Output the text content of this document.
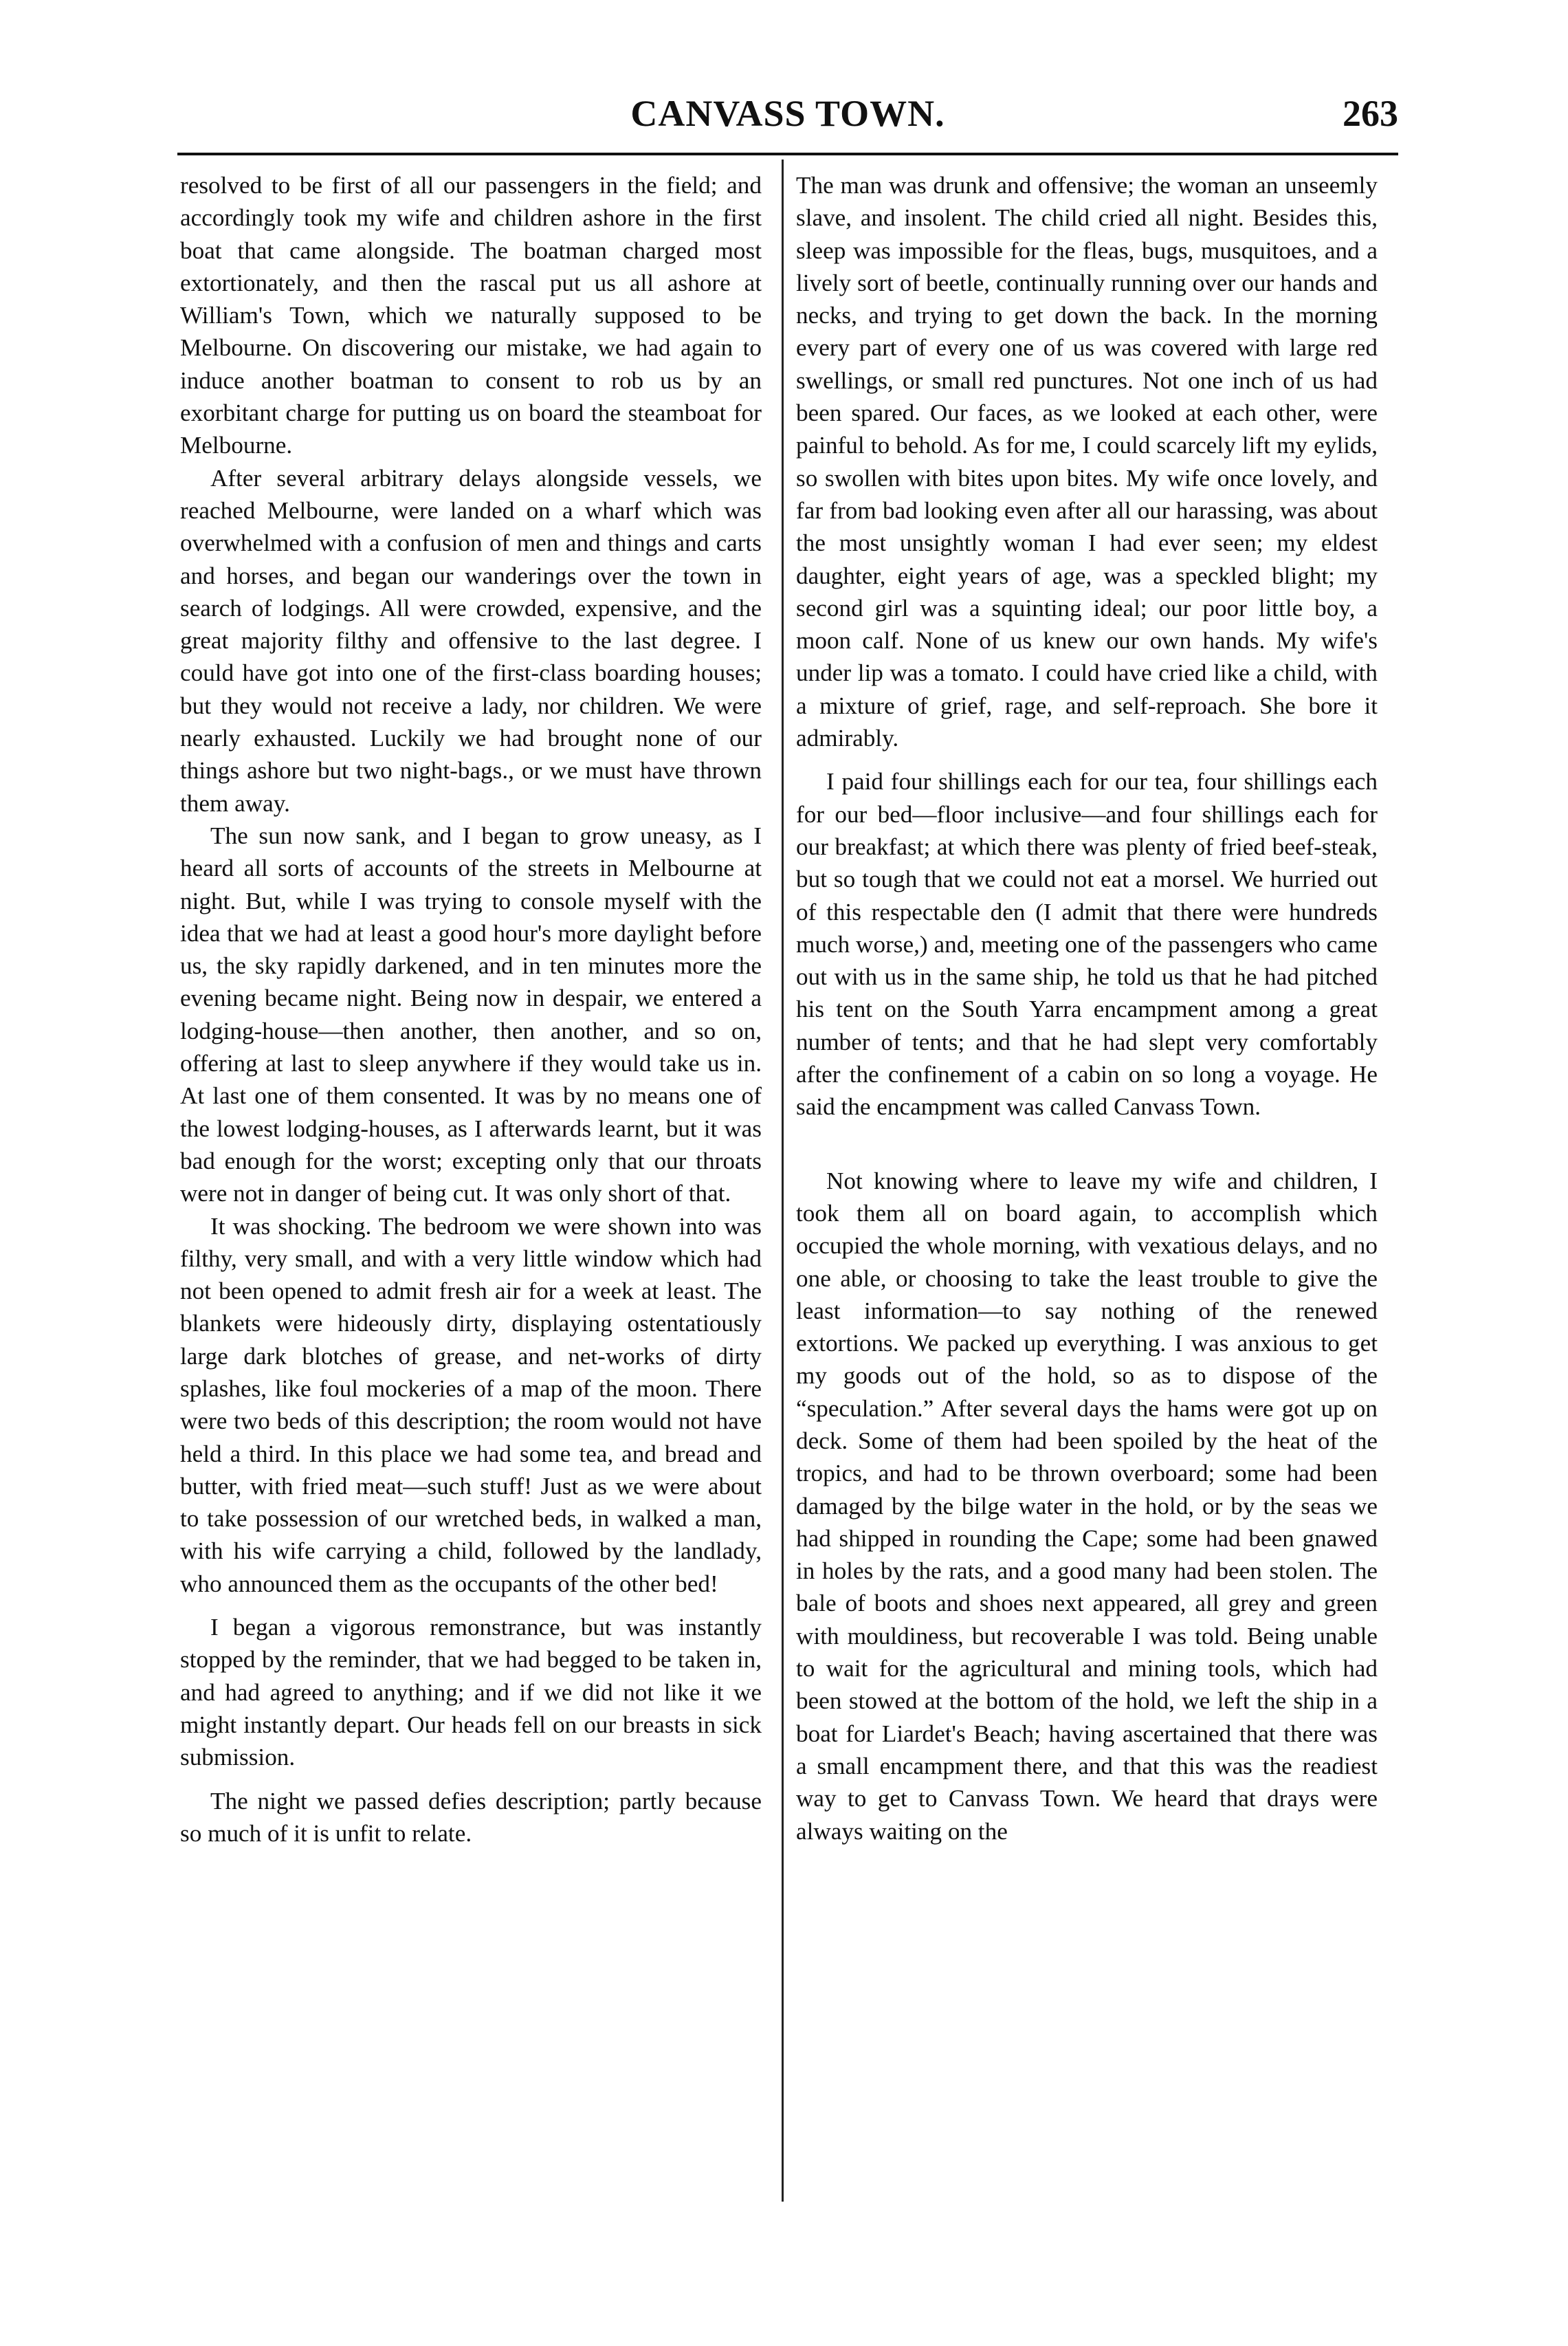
CANVASS TOWN.	263

resolved to be first of all our passengers in the field; and accordingly took my wife and children ashore in the first boat that came alongside. The boatman charged most extortionately, and then the rascal put us all ashore at William's Town, which we naturally supposed to be Melbourne. On discovering our mistake, we had again to induce another boatman to consent to rob us by an exorbitant charge for putting us on board the steamboat for Melbourne.

After several arbitrary delays alongside vessels, we reached Melbourne, were landed on a wharf which was overwhelmed with a confusion of men and things and carts and horses, and began our wanderings over the town in search of lodgings. All were crowded, expensive, and the great majority filthy and offensive to the last degree. I could have got into one of the first-class boarding houses; but they would not receive a lady, nor children. We were nearly exhausted. Luckily we had brought none of our things ashore but two night-bags., or we must have thrown them away.

The sun now sank, and I began to grow uneasy, as I heard all sorts of accounts of the streets in Melbourne at night. But, while I was trying to console myself with the idea that we had at least a good hour's more daylight before us, the sky rapidly darkened, and in ten minutes more the evening became night. Being now in despair, we entered a lodging-house—then another, then another, and so on, offering at last to sleep anywhere if they would take us in. At last one of them consented. It was by no means one of the lowest lodging-houses, as I afterwards learnt, but it was bad enough for the worst; excepting only that our throats were not in danger of being cut. It was only short of that.

It was shocking. The bedroom we were shown into was filthy, very small, and with a very little window which had not been opened to admit fresh air for a week at least. The blankets were hideously dirty, displaying ostentatiously large dark blotches of grease, and net-works of dirty splashes, like foul mockeries of a map of the moon. There were two beds of this description; the room would not have held a third. In this place we had some tea, and bread and butter, with fried meat—such stuff! Just as we were about to take possession of our wretched beds, in walked a man, with his wife carrying a child, followed by the landlady, who announced them as the occupants of the other bed!

I began a vigorous remonstrance, but was instantly stopped by the reminder, that we had begged to be taken in, and had agreed to anything; and if we did not like it we might instantly depart. Our heads fell on our breasts in sick submission.

The night we passed defies description; partly because so much of it is unfit to relate.

The man was drunk and offensive; the woman an unseemly slave, and insolent. The child cried all night. Besides this, sleep was impossible for the fleas, bugs, musquitoes, and a lively sort of beetle, continually running over our hands and necks, and trying to get down the back. In the morning every part of every one of us was covered with large red swellings, or small red punctures. Not one inch of us had been spared. Our faces, as we looked at each other, were painful to behold. As for me, I could scarcely lift my eylids, so swollen with bites upon bites. My wife once lovely, and far from bad looking even after all our harassing, was about the most unsightly woman I had ever seen; my eldest daughter, eight years of age, was a speckled blight; my second girl was a squinting ideal; our poor little boy, a moon calf. None of us knew our own hands. My wife's under lip was a tomato. I could have cried like a child, with a mixture of grief, rage, and self-reproach. She bore it admirably.

I paid four shillings each for our tea, four shillings each for our bed—floor inclusive—and four shillings each for our breakfast; at which there was plenty of fried beef-steak, but so tough that we could not eat a morsel. We hurried out of this respectable den (I admit that there were hundreds much worse,) and, meeting one of the passengers who came out with us in the same ship, he told us that he had pitched his tent on the South Yarra encampment among a great number of tents; and that he had slept very comfortably after the confinement of a cabin on so long a voyage. He said the encampment was called Canvass Town.

Not knowing where to leave my wife and children, I took them all on board again, to accomplish which occupied the whole morning, with vexatious delays, and no one able, or choosing to take the least trouble to give the least information—to say nothing of the renewed extortions. We packed up everything. I was anxious to get my goods out of the hold, so as to dispose of the “speculation.” After several days the hams were got up on deck. Some of them had been spoiled by the heat of the tropics, and had to be thrown overboard; some had been damaged by the bilge water in the hold, or by the seas we had shipped in rounding the Cape; some had been gnawed in holes by the rats, and a good many had been stolen. The bale of boots and shoes next appeared, all grey and green with mouldiness, but recoverable I was told. Being unable to wait for the agricultural and mining tools, which had been stowed at the bottom of the hold, we left the ship in a boat for Liardet's Beach; having ascertained that there was a small encampment there, and that this was the readiest way to get to Canvass Town. We heard that drays were always waiting on the
